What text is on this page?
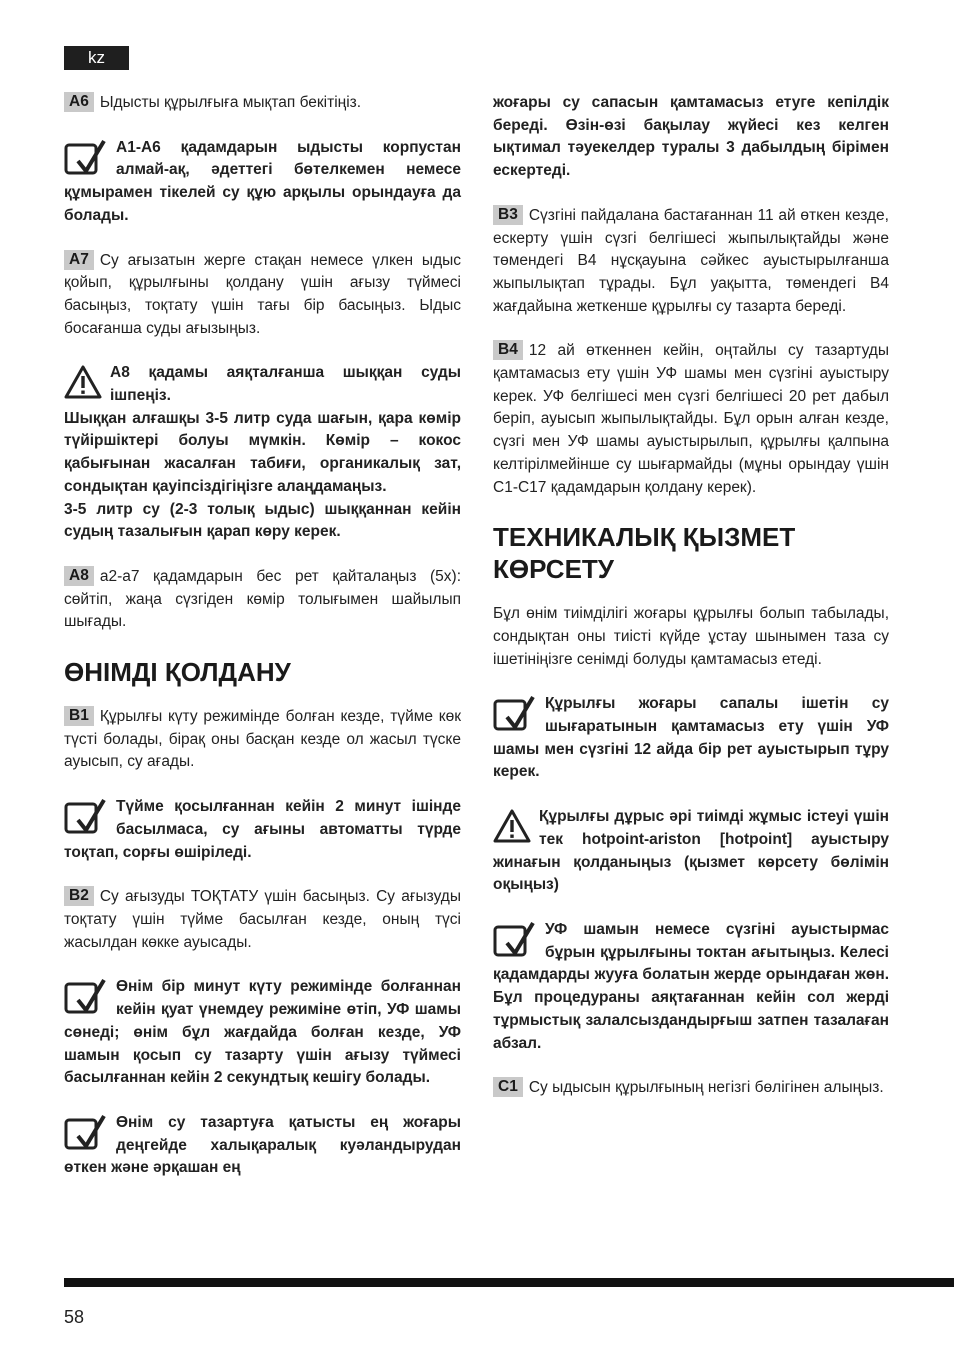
kz

A6 Ыдысты құрылғыға мықтап бекітіңіз.

A1-A6 қадамдарын ыдысты корпустан алмай-ақ, әдеттегі бөтелкемен немесе құмырамен тікелей су құю арқылы орындауға да болады.

A7 Су ағызатын жерге стақан немесе үлкен ыдыс қойып, құрылғыны қолдану үшін ағызу түймесі басыңыз, тоқтату үшін тағы бір басыңыз. Ыдыс босағанша суды ағызыңыз.

A8 қадамы аяқталғанша шыққан суды ішпеңіз.
Шыққан алғашқы 3-5 литр суда шағын, қара көмір түйіршіктері болуы мүмкін. Көмір – кокос қабығынан жасалған табиғи, органикалық зат, сондықтан қауіпсіздігіңізге алаңдамаңыз.
3-5 литр су (2-3 толық ыдыс) шыққаннан кейін судың тазалығын қарап көру керек.

A8 a2-a7 қадамдарын бес рет қайталаңыз (5x): сөйтіп, жаңа сүзгіден көмір толығымен шайылып шығады.

ӨНІМДІ ҚОЛДАНУ

B1 Құрылғы күту режимінде болған кезде, түйме көк түсті болады, бірақ оны басқан кезде ол жасыл түске ауысып, су ағады.

Түйме қосылғаннан кейін 2 минут ішінде басылмаса, су ағыны автоматты түрде тоқтап, сорғы өшіріледі.

B2 Су ағызуды ТОҚТАТУ үшін басыңыз. Су ағызуды тоқтату үшін түйме басылған кезде, оның түсі жасылдан көкке ауысады.

Өнім бір минут күту режимінде болғаннан кейін қуат үнемдеу режиміне өтіп, УФ шамы сөнеді; өнім бұл жағдайда болған кезде, УФ шамын қосып су тазарту үшін ағызу түймесі басылғаннан кейін 2 секундтық кешігу болады.
Өнім су тазартуға қатысты ең жоғары деңгейде халықаралық куәландырудан өткен және әрқашан ең

жоғары су сапасын қамтамасыз етуге кепілдік береді. Өзін-өзі бақылау жүйесі кез келген ықтимал тәуекелдер туралы 3 дабылдың бірімен ескертеді.

B3 Сүзгіні пайдалана бастағаннан 11 ай өткен кезде, ескерту үшін сүзгі белгішесі жыпылықтайды және төмендегі B4 нұсқауына сәйкес ауыстырылғанша жыпылықтап тұрады. Бұл уақытта, төмендегі B4 жағдайына жеткенше құрылғы су тазарта береді.

B4 12 ай өткеннен кейін, оңтайлы су тазартуды қамтамасыз ету үшін УФ шамы мен сүзгіні ауыстыру керек. УФ белгішесі мен сүзгі белгішесі 20 рет дабыл беріп, ауысып жыпылықтайды. Бұл орын алған кезде, сүзгі мен УФ шамы ауыстырылып, құрылғы қалпына келтірілмейінше су шығармайды (мұны орындау үшін C1-C17 қадамдарын қолдану керек).

ТЕХНИКАЛЫҚ ҚЫЗМЕТ
КӨРСЕТУ

Бұл өнім тиімділігі жоғары құрылғы болып табылады, сондықтан оны тиісті күйде ұстау шынымен таза су ішетініңізге сенімді болуды қамтамасыз етеді.

Құрылғы жоғары сапалы ішетін су шығаратынын қамтамасыз ету үшін УФ шамы мен сүзгіні 12 айда бір рет ауыстырып тұру керек.
Құрылғы дұрыс әрі тиімді жұмыс істеуі үшін тек hotpoint-ariston [hotpoint] ауыстыру жинағын қолданыңыз (қызмет көрсету бөлімін оқыңыз)
УФ шамын немесе сүзгіні ауыстырмас бұрын құрылғыны токтан ағытыңыз. Келесі қадамдарды жууға болатын жерде орындаған жөн. Бұл процедураны аяқтағаннан кейін сол жерді тұрмыстық залалсыздандырғыш затпен тазалаған абзал.

C1 Су ыдысын құрылғының негізгі бөлігінен алыңыз.

58
